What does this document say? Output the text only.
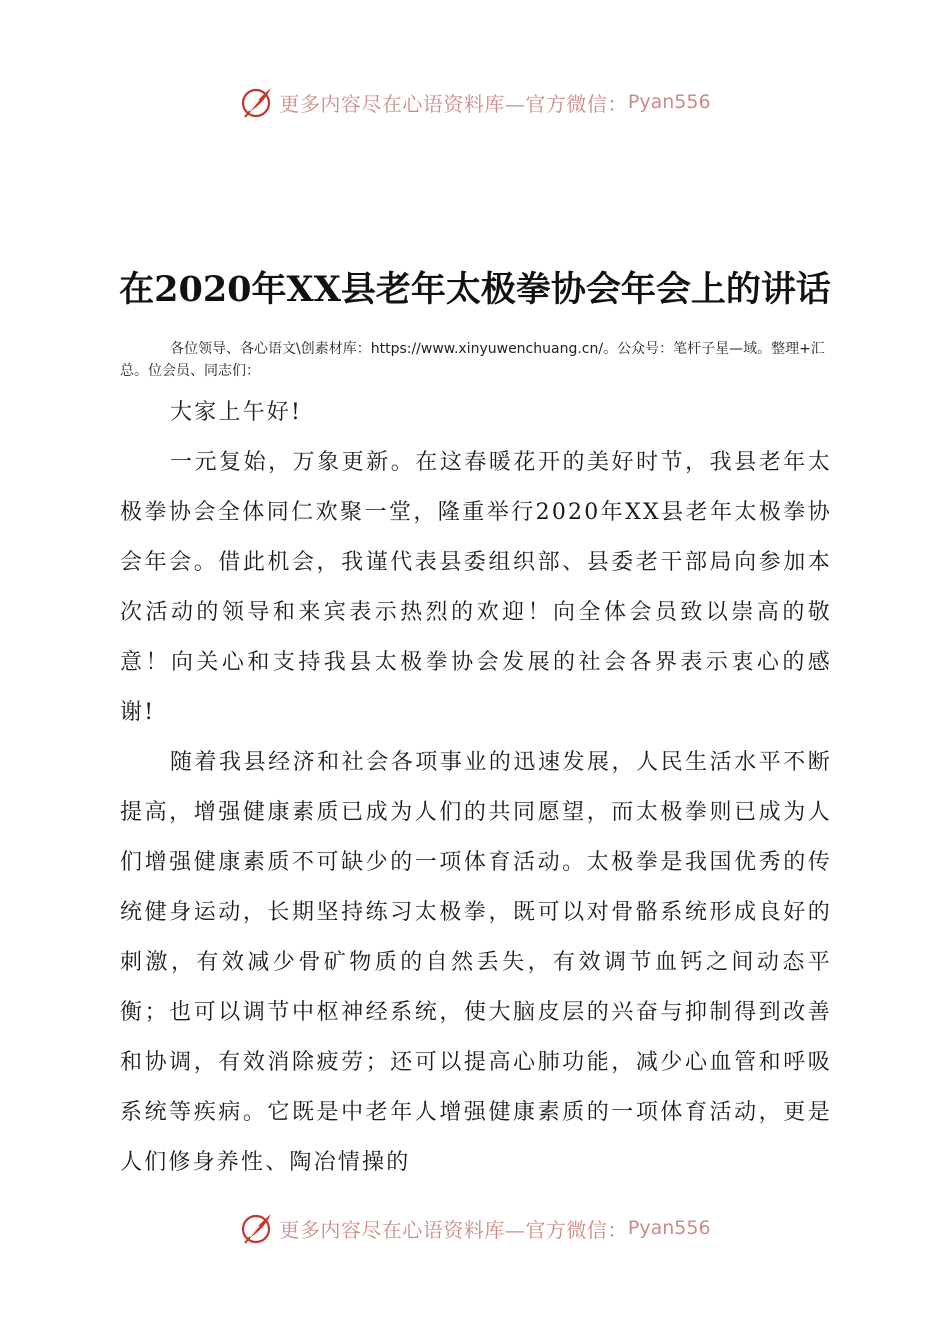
更多内容尽在心语资料库—官方微信： Pyan556
在2020年XX县老年太极拳协会年会上的讲话
各位领导、各心语文\创素材库：https://www.xinyuwenchuang.cn/。公众号：笔杆子星—域。整理+汇总。位会员、同志们：

大家上午好!

一元复始，万象更新。在这春暖花开的美好时节，我县老年太极拳协会全体同仁欢聚一堂，隆重举行2020年XX县老年太极拳协会年会。借此机会，我谨代表县委组织部、县委老干部局向参加本次活动的领导和来宾表示热烈的欢迎！向全体会员致以崇高的敬意！向关心和支持我县太极拳协会发展的社会各界表示衷心的感谢!

随着我县经济和社会各项事业的迅速发展，人民生活水平不断提高，增强健康素质已成为人们的共同愿望，而太极拳则已成为人们增强健康素质不可缺少的一项体育活动。太极拳是我国优秀的传统健身运动，长期坚持练习太极拳，既可以对骨骼系统形成良好的刺激，有效减少骨矿物质的自然丢失，有效调节血钙之间动态平衡；也可以调节中枢神经系统，使大脑皮层的兴奋与抑制得到改善和协调，有效消除疲劳；还可以提高心肺功能，减少心血管和呼吸系统等疾病。它既是中老年人增强健康素质的一项体育活动，更是人们修身养性、陶冶情操的

更多内容尽在心语资料库—官方微信： Pyan556
